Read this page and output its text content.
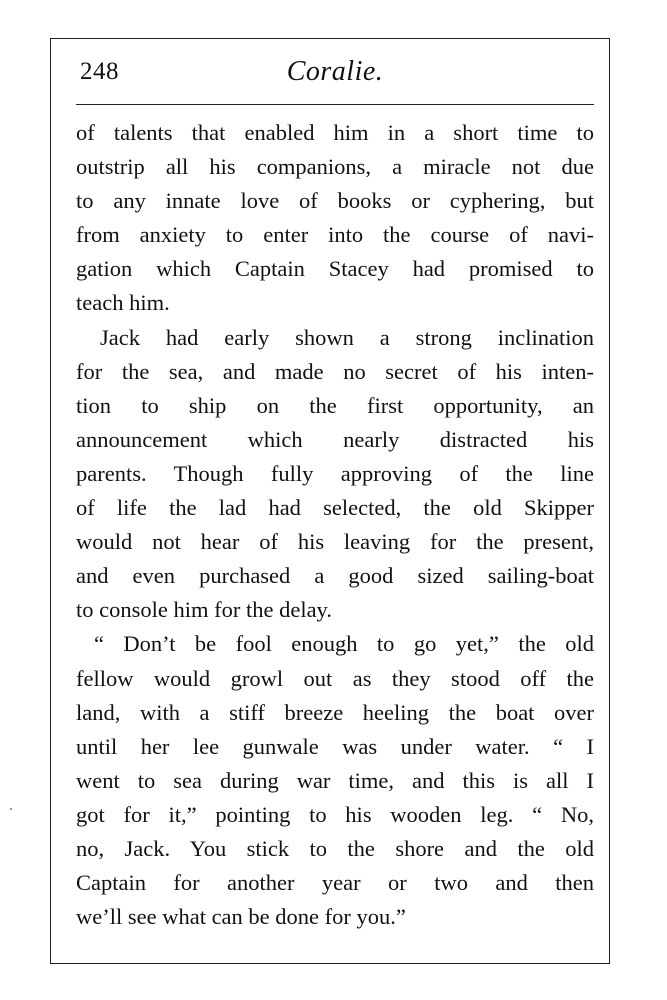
248	Coralie.
of talents that enabled him in a short time to
outstrip all his companions, a miracle not due
to any innate love of books or cyphering, but
from anxiety to enter into the course of navi-
gation which Captain Stacey had promised to
teach him.
Jack had early shown a strong inclination
for the sea, and made no secret of his inten-
tion to ship on the first opportunity, an
announcement which nearly distracted his
parents. Though fully approving of the line
of life the lad had selected, the old Skipper
would not hear of his leaving for the present,
and even purchased a good sized sailing-boat
to console him for the delay.
“ Don’t be fool enough to go yet,” the old
fellow would growl out as they stood off the
land, with a stiff breeze heeling the boat over
until her lee gunwale was under water. “ I
went to sea during war time, and this is all I
got for it,” pointing to his wooden leg. “ No,
no, Jack. You stick to the shore and the old
Captain for another year or two and then
we’ll see what can be done for you.”
